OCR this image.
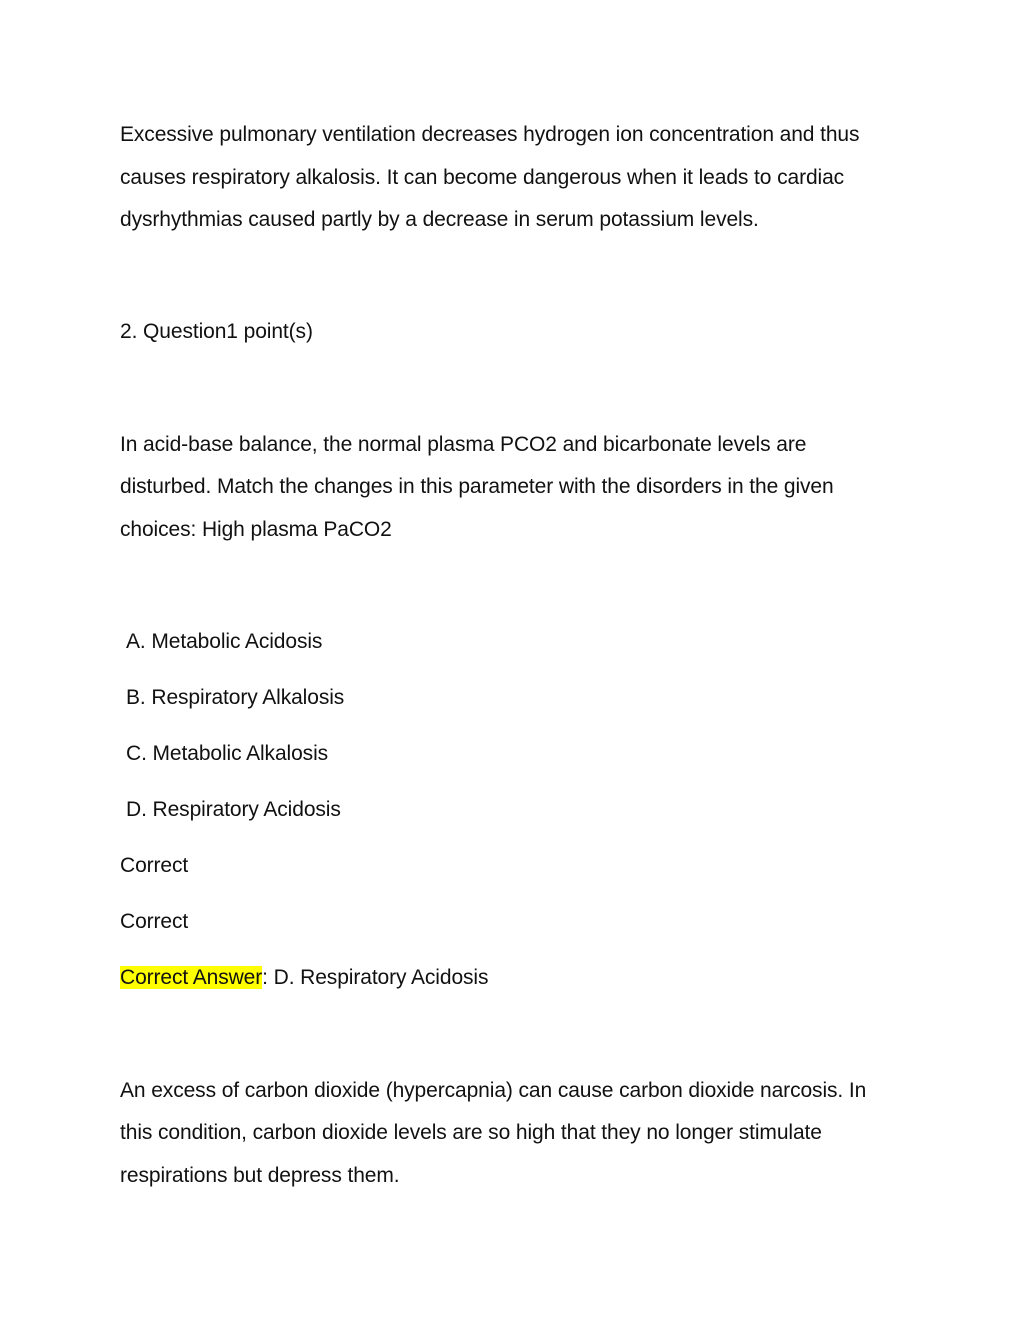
Excessive pulmonary ventilation decreases hydrogen ion concentration and thus
causes respiratory alkalosis. It can become dangerous when it leads to cardiac
dysrhythmias caused partly by a decrease in serum potassium levels.
2. Question1 point(s)
In acid-base balance, the normal plasma PCO2 and bicarbonate levels are
disturbed. Match the changes in this parameter with the disorders in the given
choices: High plasma PaCO2
A. Metabolic Acidosis
B. Respiratory Alkalosis
C. Metabolic Alkalosis
D. Respiratory Acidosis
Correct
Correct
Correct Answer: D. Respiratory Acidosis
An excess of carbon dioxide (hypercapnia) can cause carbon dioxide narcosis. In
this condition, carbon dioxide levels are so high that they no longer stimulate
respirations but depress them.
